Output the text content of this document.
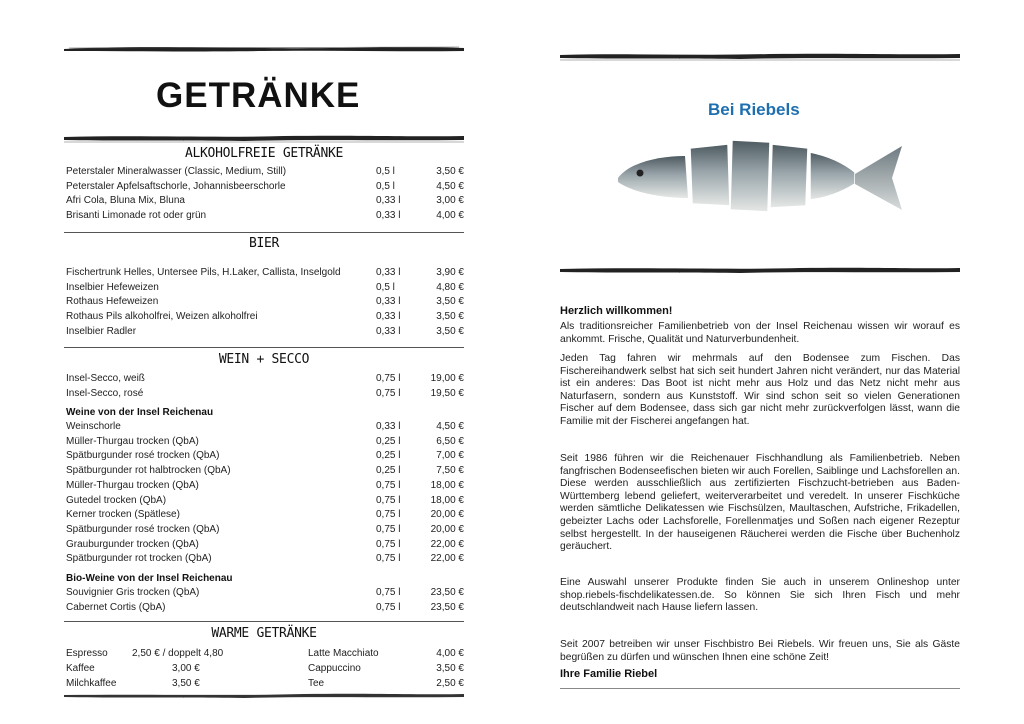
GETRÄNKE
ALKOHOLFREIE GETRÄNKE
Peterstaler Mineralwasser (Classic, Medium, Still)	0,5 l	3,50 €
Peterstaler Apfelsaftschorle, Johannisbeerschorle	0,5 l	4,50 €
Afri Cola, Bluna Mix, Bluna	0,33 l	3,00 €
Brisanti Limonade rot oder grün	0,33 l	4,00 €
BIER
Fischertrunk Helles, Untersee Pils, H.Laker, Callista, Inselgold	0,33 l	3,90 €
Inselbier Hefeweizen	0,5 l	4,80 €
Rothaus Hefeweizen	0,33 l	3,50 €
Rothaus Pils alkoholfrei, Weizen alkoholfrei	0,33 l	3,50 €
Inselbier Radler	0,33 l	3,50 €
WEIN + SECCO
Insel-Secco, weiß	0,75 l	19,00 €
Insel-Secco, rosé	0,75 l	19,50 €
Weine von der Insel Reichenau
Weinschorle	0,33 l	4,50 €
Müller-Thurgau trocken (QbA)	0,25 l	6,50 €
Spätburgunder rosé trocken (QbA)	0,25 l	7,00 €
Spätburgunder rot halbtrocken (QbA)	0,25 l	7,50 €
Müller-Thurgau trocken (QbA)	0,75 l	18,00 €
Gutedel trocken (QbA)	0,75 l	18,00 €
Kerner trocken (Spätlese)	0,75 l	20,00 €
Spätburgunder rosé trocken (QbA)	0,75 l	20,00 €
Grauburgunder trocken (QbA)	0,75 l	22,00 €
Spätburgunder rot trocken (QbA)	0,75 l	22,00 €
Bio-Weine von der Insel Reichenau
Souvignier Gris trocken (QbA)	0,75 l	23,50 €
Cabernet Cortis (QbA)	0,75 l	23,50 €
WARME GETRÄNKE
Espresso 2,50 € / doppelt 4,80	Latte Macchiato	4,00 €
Kaffee	3,00 €	Cappuccino	3,50 €
Milchkaffee	3,50 €	Tee	2,50 €
Bei Riebels
Herzlich willkommen!
Als traditionsreicher Familienbetrieb von der Insel Reichenau wissen wir worauf es ankommt. Frische, Qualität und Naturverbundenheit.
Jeden Tag fahren wir mehrmals auf den Bodensee zum Fischen. Das Fischereihandwerk selbst hat sich seit hundert Jahren nicht verändert, nur das Material ist ein anderes: Das Boot ist nicht mehr aus Holz und das Netz nicht mehr aus Naturfasern, sondern aus Kunststoff. Wir sind schon seit so vielen Generationen Fischer auf dem Bodensee, dass sich gar nicht mehr zurückverfolgen lässt, wann die Familie mit der Fischerei angefangen hat.
Seit 1986 führen wir die Reichenauer Fischhandlung als Familienbetrieb. Neben fangfrischen Bodenseefischen bieten wir auch Forellen, Saiblinge und Lachsforellen an. Diese werden ausschließlich aus zertifizierten Fischzucht-betrieben aus Baden-Württemberg lebend geliefert, weiterverarbeitet und veredelt. In unserer Fischküche werden sämtliche Delikatessen wie Fischsülzen, Maultaschen, Aufstriche, Frikadellen, gebeizter Lachs oder Lachsforelle, Forellenmatjes und Soßen nach eigener Rezeptur selbst hergestellt. In der hauseigenen Räucherei werden die Fische über Buchenholz geräuchert.
Eine Auswahl unserer Produkte finden Sie auch in unserem Onlineshop unter shop.riebels-fischdelikatessen.de. So können Sie sich Ihren Fisch und mehr deutschlandweit nach Hause liefern lassen.
Seit 2007 betreiben wir unser Fischbistro Bei Riebels. Wir freuen uns, Sie als Gäste begrüßen zu dürfen und wünschen Ihnen eine schöne Zeit!
Ihre Familie Riebel
